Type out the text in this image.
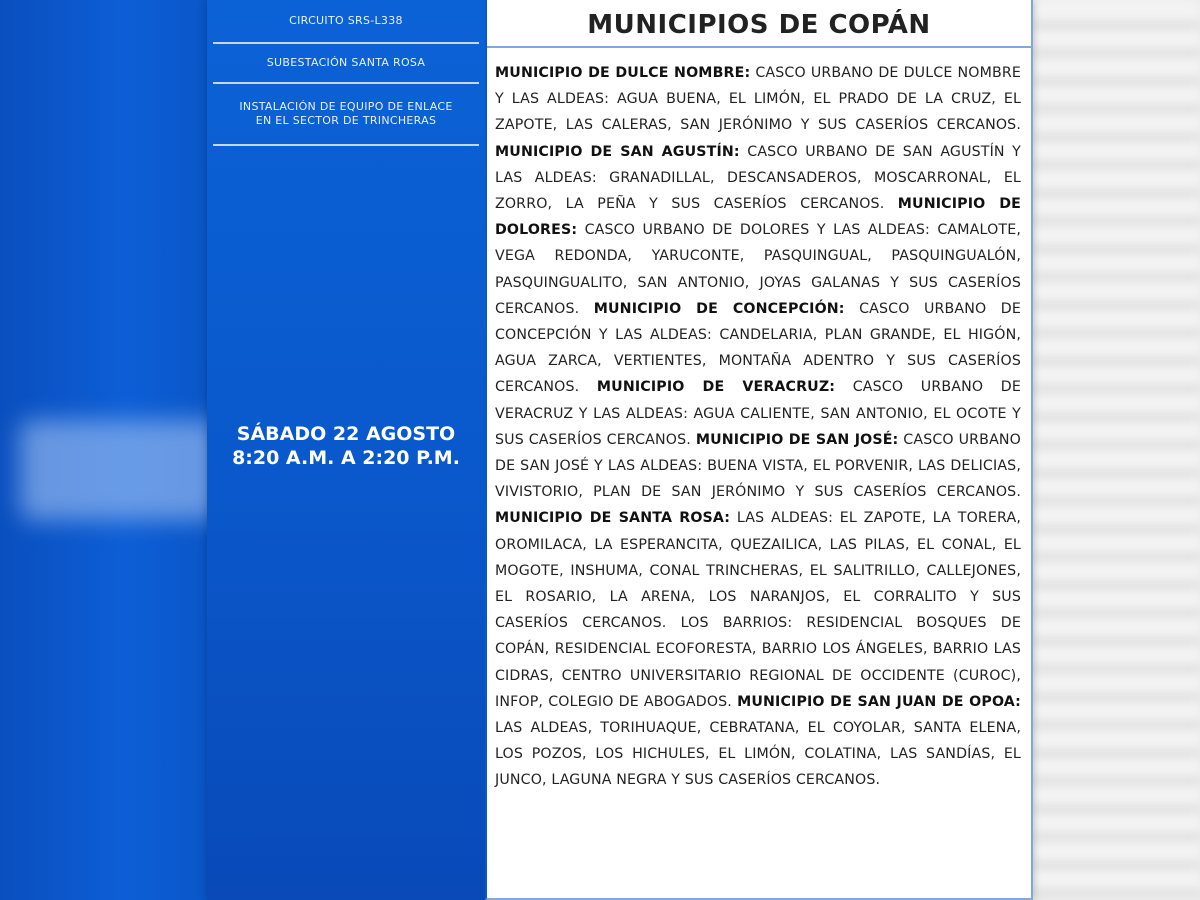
CIRCUITO SRS-L338
SUBESTACIÓN SANTA ROSA
INSTALACIÓN DE EQUIPO DE ENLACE
EN EL SECTOR DE TRINCHERAS
SÁBADO 22 AGOSTO
8:20 A.M. A 2:20 P.M.
MUNICIPIOS DE COPÁN
MUNICIPIO DE DULCE NOMBRE: CASCO URBANO DE DULCE NOMBRE Y LAS ALDEAS: AGUA BUENA, EL LIMÓN, EL PRADO DE LA CRUZ, EL ZAPOTE, LAS CALERAS, SAN JERÓNIMO Y SUS CASERÍOS CERCANOS. MUNICIPIO DE SAN AGUSTÍN: CASCO URBANO DE SAN AGUSTÍN Y LAS ALDEAS: GRANADILLAL, DESCANSADEROS, MOSCARRONAL, EL ZORRO, LA PEÑA Y SUS CASERÍOS CERCANOS. MUNICIPIO DE DOLORES: CASCO URBANO DE DOLORES Y LAS ALDEAS: CAMALOTE, VEGA REDONDA, YARUCONTE, PASQUINGUAL, PASQUINGUALÓN, PASQUINGUALITO, SAN ANTONIO, JOYAS GALANAS Y SUS CASERÍOS CERCANOS. MUNICIPIO DE CONCEPCIÓN: CASCO URBANO DE CONCEPCIÓN Y LAS ALDEAS: CANDELARIA, PLAN GRANDE, EL HIGÓN, AGUA ZARCA, VERTIENTES, MONTAÑA ADENTRO Y SUS CASERÍOS CERCANOS. MUNICIPIO DE VERACRUZ: CASCO URBANO DE VERACRUZ Y LAS ALDEAS: AGUA CALIENTE, SAN ANTONIO, EL OCOTE Y SUS CASERÍOS CERCANOS. MUNICIPIO DE SAN JOSÉ: CASCO URBANO DE SAN JOSÉ Y LAS ALDEAS: BUENA VISTA, EL PORVENIR, LAS DELICIAS, VIVISTORIO, PLAN DE SAN JERÓNIMO Y SUS CASERÍOS CERCANOS. MUNICIPIO DE SANTA ROSA: LAS ALDEAS: EL ZAPOTE, LA TORERA, OROMILACA, LA ESPERANCITA, QUEZAILICA, LAS PILAS, EL CONAL, EL MOGOTE, INSHUMA, CONAL TRINCHERAS, EL SALITRILLO, CALLEJONES, EL ROSARIO, LA ARENA, LOS NARANJOS, EL CORRALITO Y SUS CASERÍOS CERCANOS. LOS BARRIOS: RESIDENCIAL BOSQUES DE COPÁN, RESIDENCIAL ECOFORESTA, BARRIO LOS ÁNGELES, BARRIO LAS CIDRAS, CENTRO UNIVERSITARIO REGIONAL DE OCCIDENTE (CUROC), INFOP, COLEGIO DE ABOGADOS. MUNICIPIO DE SAN JUAN DE OPOA: LAS ALDEAS, TORIHUAQUE, CEBRATANA, EL COYOLAR, SANTA ELENA, LOS POZOS, LOS HICHULES, EL LIMÓN, COLATINA, LAS SANDÍAS, EL JUNCO, LAGUNA NEGRA Y SUS CASERÍOS CERCANOS.
